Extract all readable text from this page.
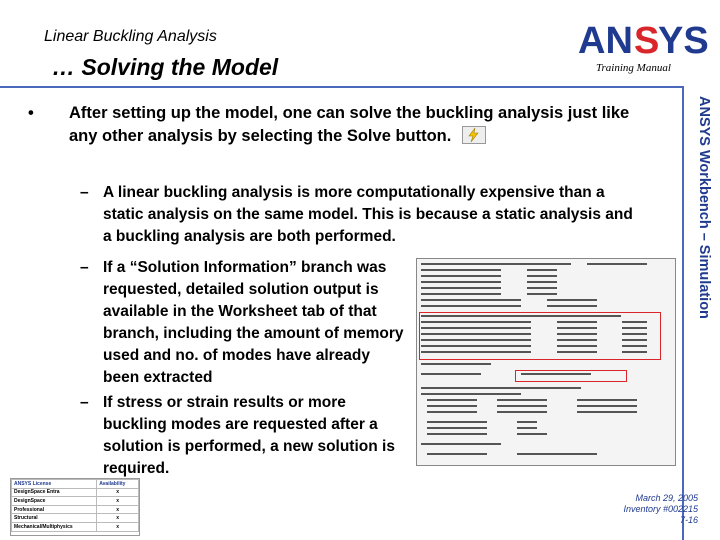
Linear Buckling Analysis
… Solving the Model
AN S
YS
Training Manual
ANSYS Workbench – Simulation
• After setting up the model, one can solve the buckling analysis just like any other analysis by selecting the Solve button.
– A linear buckling analysis is more computationally expensive than a static analysis on the same model. This is because a static analysis and a buckling analysis are both performed.
– If a “Solution Information” branch was requested, detailed solution output is available in the Worksheet tab of that branch, including the amount of memory used and no. of modes have already been extracted
– If stress or strain results or more buckling modes are requested after a solution is performed, a new solution is required.
ANSYS License	Availability
DesignSpace Entra	x
DesignSpace	x
Professional	x
Structural	x
Mechanical/Multiphysics	x
March 29, 2005
Inventory #002215
7-16
